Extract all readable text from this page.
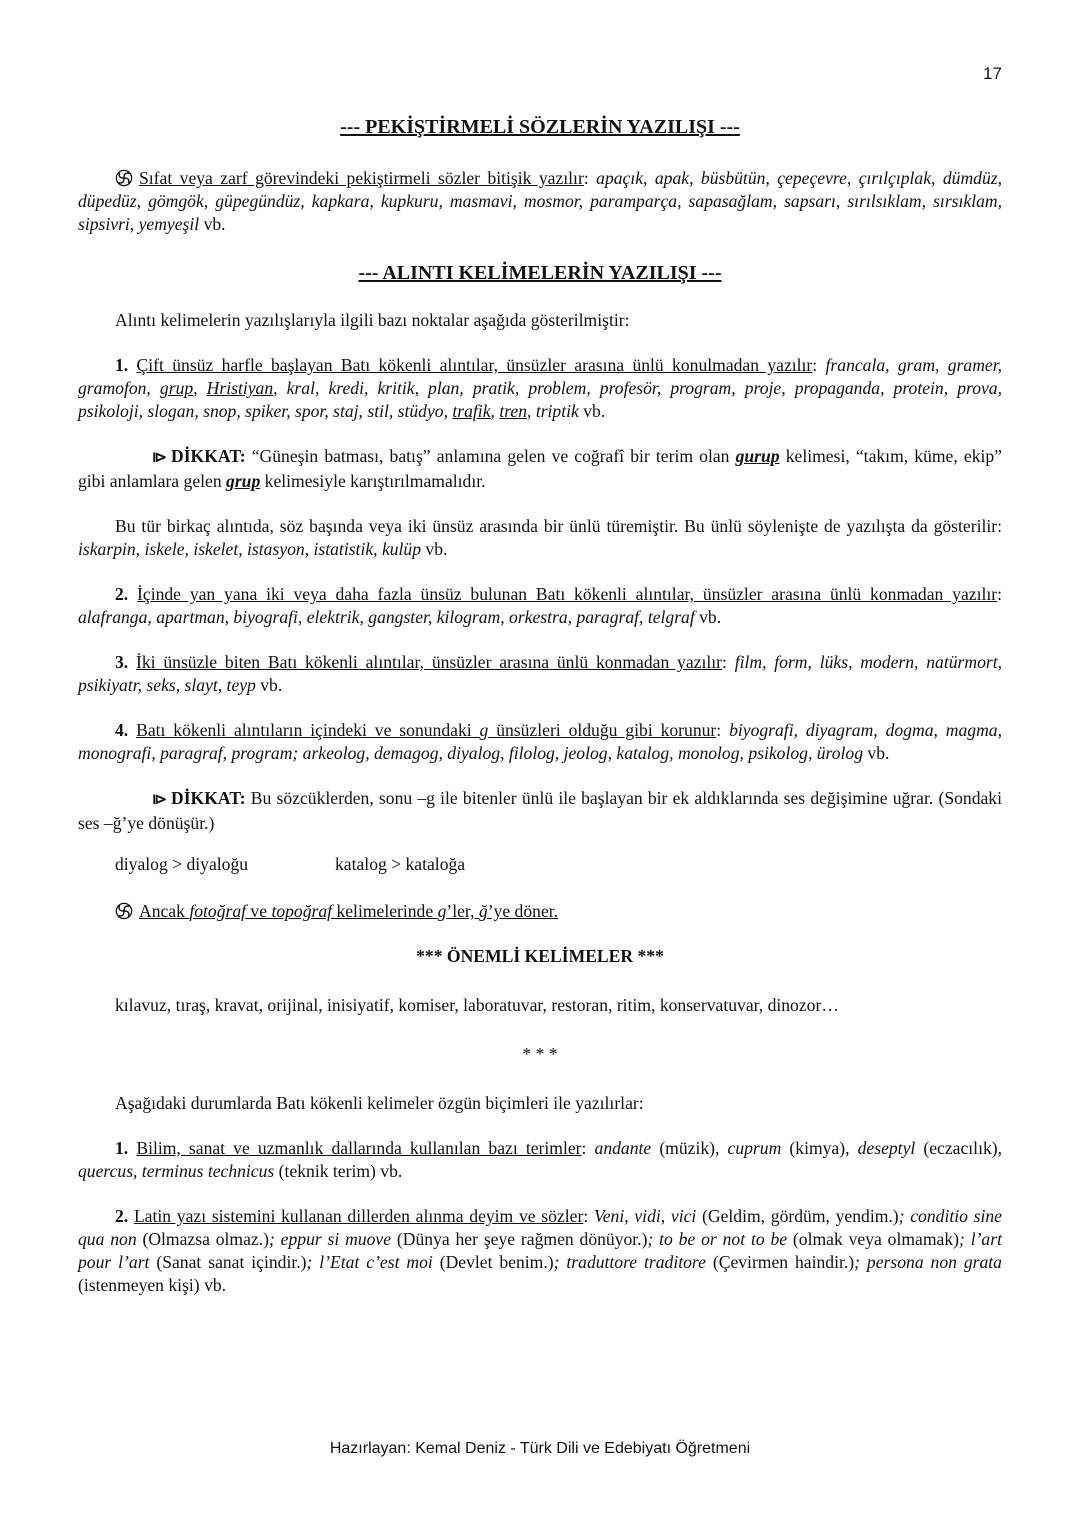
17
--- PEKİŞTİRMELİ SÖZLERİN YAZILIŞI ---

Sıfat veya zarf görevindeki pekiştirmeli sözler bitişik yazılır: apaçık, apak, büsbütün, çepeçevre, çırılçıplak, dümdüz, düpedüz, gömgök, güpegündüz, kapkara, kupkuru, masmavi, mosmor, paramparça, sapasağlam, sapsarı, sırılsıklam, sırsıklam, sipsivri, yemyeşil vb.

--- ALINTI KELİMELERİN YAZILIŞI ---

Alıntı kelimelerin yazılışlarıyla ilgili bazı noktalar aşağıda gösterilmiştir:

1. Çift ünsüz harfle başlayan Batı kökenli alıntılar, ünsüzler arasına ünlü konulmadan yazılır: francala, gram, gramer, gramofon, grup, Hristiyan, kral, kredi, kritik, plan, pratik, problem, profesör, program, proje, propaganda, protein, prova, psikoloji, slogan, snop, spiker, spor, staj, stil, stüdyo, trafik, tren, triptik vb.

⧐ DİKKAT: “Güneşin batması, batış” anlamına gelen ve coğrafî bir terim olan gurup kelimesi, “takım, küme, ekip” gibi anlamlara gelen grup kelimesiyle karıştırılmamalıdır.

Bu tür birkaç alıntıda, söz başında veya iki ünsüz arasında bir ünlü türemiştir. Bu ünlü söylenişte de yazılışta da gösterilir: iskarpin, iskele, iskelet, istasyon, istatistik, kulüp vb.

2. İçinde yan yana iki veya daha fazla ünsüz bulunan Batı kökenli alıntılar, ünsüzler arasına ünlü konmadan yazılır: alafranga, apartman, biyografi, elektrik, gangster, kilogram, orkestra, paragraf, telgraf vb.

3. İki ünsüzle biten Batı kökenli alıntılar, ünsüzler arasına ünlü konmadan yazılır: film, form, lüks, modern, natürmort, psikiyatr, seks, slayt, teyp vb.

4. Batı kökenli alıntıların içindeki ve sonundaki g ünsüzleri olduğu gibi korunur: biyografi, diyagram, dogma, magma, monografi, paragraf, program; arkeolog, demagog, diyalog, filolog, jeolog, katalog, monolog, psikolog, ürolog vb.

⧐ DİKKAT: Bu sözcüklerden, sonu –g ile bitenler ünlü ile başlayan bir ek aldıklarında ses değişimine uğrar. (Sondaki ses –ğ’ye dönüşür.)

diyalog > diyaloğu	katalog > kataloğa

Ancak fotoğraf ve topoğraf kelimelerinde g’ler, ğ’ye döner.

*** ÖNEMLİ KELİMELER ***

kılavuz, tıraş, kravat, orijinal, inisiyatif, komiser, laboratuvar, restoran, ritim, konservatuvar, dinozor…

* * *

Aşağıdaki durumlarda Batı kökenli kelimeler özgün biçimleri ile yazılırlar:

1. Bilim, sanat ve uzmanlık dallarında kullanılan bazı terimler: andante (müzik), cuprum (kimya), deseptyl (eczacılık), quercus, terminus technicus (teknik terim) vb.

2. Latin yazı sistemini kullanan dillerden alınma deyim ve sözler: Veni, vidi, vici (Geldim, gördüm, yendim.); conditio sine qua non (Olmazsa olmaz.); eppur si muove (Dünya her şeye rağmen dönüyor.); to be or not to be (olmak veya olmamak); l’art pour l’art (Sanat sanat içindir.); l’Etat c’est moi (Devlet benim.); traduttore traditore (Çevirmen haindir.); persona non grata (istenmeyen kişi) vb.

Hazırlayan: Kemal Deniz - Türk Dili ve Edebiyatı Öğretmeni
